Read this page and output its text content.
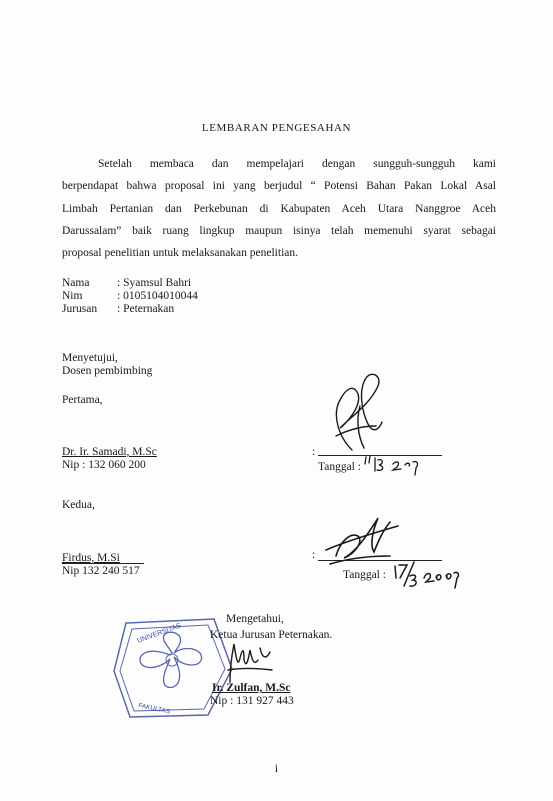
LEMBARAN PENGESAHAN
Setelah membaca dan mempelajari dengan sungguh-sungguh kami
berpendapat bahwa proposal ini yang berjudul “ Potensi Bahan Pakan Lokal Asal
Limbah Pertanian dan Perkebunan di Kabupaten Aceh Utara Nanggroe Aceh
Darussalam” baik ruang lingkup maupun isinya telah memenuhi syarat sebagai
proposal penelitian untuk melaksanakan penelitian.
Nama : Syamsul Bahri
Nim	: 0105104010044
Jurusan : Peternakan
Menyetujui,
Dosen pembimbing
Pertama,
Dr. Ir. Samadi, M.Sc
Nip : 132 060 200
:
Tanggal :
Kedua,
Firdus, M.Si
Nip 132 240 517
:
Tanggal :
UNIVERSITAS
FAKULTAS
Mengetahui,
Ketua Jurusan Peternakan.
Ir. Zulfan, M.Sc
Nip : 131 927 443
i
